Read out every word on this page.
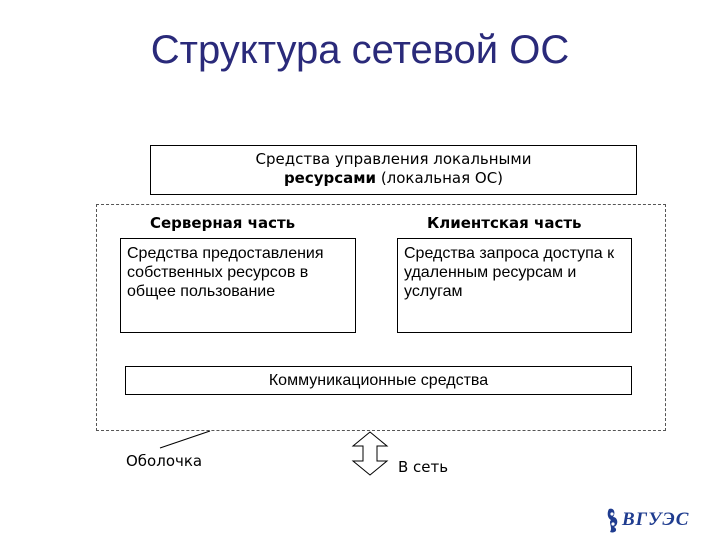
Структура сетевой ОС
Средства управления локальными
ресурсами (локальная ОС)
Серверная часть	Клиентская часть
Средства предоставления собственных ресурсов в общее пользование
Средства запроса доступа к удаленным ресурсам и услугам
Коммуникационные средства
Оболочка	В сеть
ВГУЭС
